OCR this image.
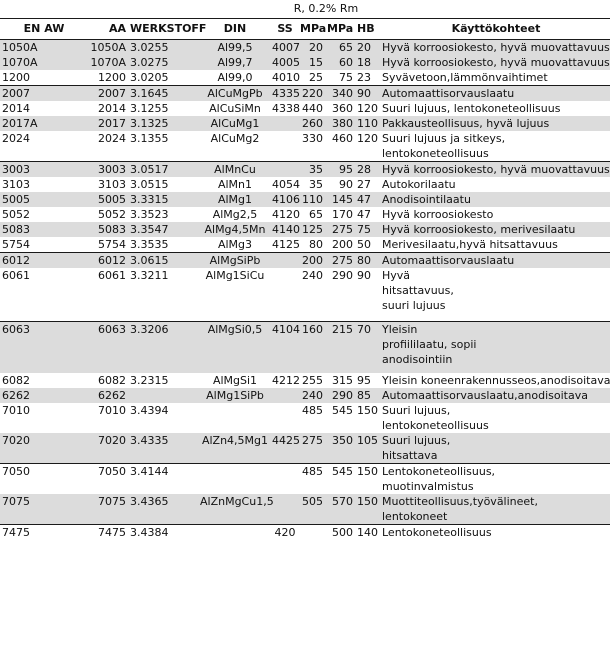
				R, 0.2% Rm				
EN AW	AA	WERKSTOFF	DIN	SS	MPa	MPa	HB	Käyttökohteet
1050A	1050A	3.0255	Al99,5	4007	20	65	20	Hyvä korroosiokesto, hyvä muovattavuus
1070A	1070A	3.0275	Al99,7	4005	15	60	18	Hyvä korroosiokesto, hyvä muovattavuus
1200	1200	3.0205	Al99,0	4010	25	75	23	Syvävetoon,lämmönvaihtimet
2007	2007	3.1645	AlCuMgPb	4335	220	340	90	Automaattisorvauslaatu
2014	2014	3.1255	AlCuSiMn	4338	440	360	120	Suuri lujuus, lentokoneteollisuus
2017A	2017	3.1325	AlCuMg1		260	380	110	Pakkausteollisuus, hyvä lujuus
2024	2024	3.1355	AlCuMg2		330	460	120	Suuri lujuus ja sitkeys,
lentokoneteollisuus
3003	3003	3.0517	AlMnCu		35	95	28	Hyvä korroosiokesto, hyvä muovattavuus
3103	3103	3.0515	AlMn1	4054	35	90	27	Autokorilaatu
5005	5005	3.3315	AlMg1	4106	110	145	47	Anodisointilaatu
5052	5052	3.3523	AlMg2,5	4120	65	170	47	Hyvä korroosiokesto
5083	5083	3.3547	AlMg4,5Mn	4140	125	275	75	Hyvä korroosiokesto, merivesilaatu
5754	5754	3.3535	AlMg3	4125	80	200	50	Merivesilaatu,hyvä hitsattavuus
6012	6012	3.0615	AlMgSiPb		200	275	80	Automaattisorvauslaatu
6061	6061	3.3211	AlMg1SiCu		240	290	90	Hyvä
hitsattavuus,
suuri lujuus
6063	6063	3.3206	AlMgSi0,5	4104	160	215	70	Yleisin
profiililaatu, sopii
anodisointiin
6082	6082	3.2315	AlMgSi1	4212	255	315	95	Yleisin koneenrakennusseos,anodisoitava
6262	6262		AlMg1SiPb		240	290	85	Automaattisorvauslaatu,anodisoitava
7010	7010	3.4394			485	545	150	Suuri lujuus,
lentokoneteollisuus
7020	7020	3.4335	AlZn4,5Mg1	4425	275	350	105	Suuri lujuus,
hitsattava
7050	7050	3.4144			485	545	150	Lentokoneteollisuus,
muotinvalmistus
7075	7075	3.4365	AlZnMgCu1,5		505	570	150	Muottiteollisuus,työvälineet,
lentokoneet
7475	7475	3.4384		420		500	140	Lentokoneteollisuus
